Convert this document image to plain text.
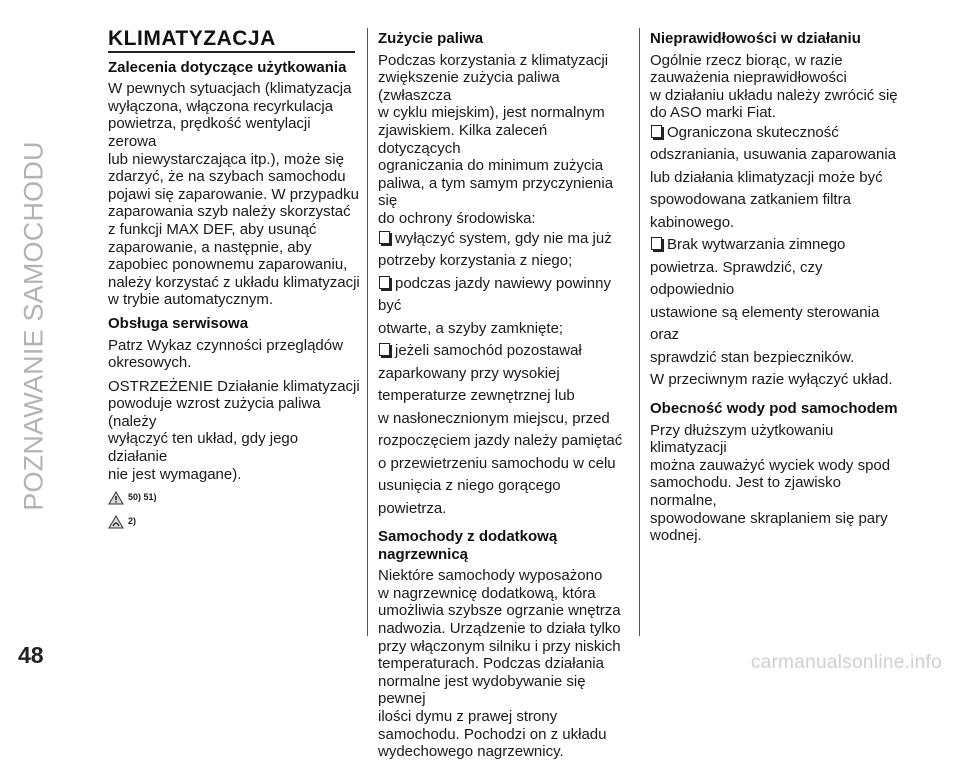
POZNAWANIE SAMOCHODU
KLIMATYZACJA
Zalecenia dotyczące użytkowania

W pewnych sytuacjach (klimatyzacja
wyłączona, włączona recyrkulacja
powietrza, prędkość wentylacji zerowa
lub niewystarczająca itp.), może się
zdarzyć, że na szybach samochodu
pojawi się zaparowanie. W przypadku
zaparowania szyb należy skorzystać
z funkcji MAX DEF, aby usunąć
zaparowanie, a następnie, aby
zapobiec ponownemu zaparowaniu,
należy korzystać z układu klimatyzacji
w trybie automatycznym.

Obsługa serwisowa

Patrz Wykaz czynności przeglądów
okresowych.

OSTRZEŻENIE Działanie klimatyzacji
powoduje wzrost zużycia paliwa (należy
wyłączyć ten układ, gdy jego działanie
nie jest wymagane).

50) 51)
2)
Zużycie paliwa

Podczas korzystania z klimatyzacji
zwiększenie zużycia paliwa (zwłaszcza
w cyklu miejskim), jest normalnym
zjawiskiem. Kilka zaleceń dotyczących
ograniczania do minimum zużycia
paliwa, a tym samym przyczynienia się
do ochrony środowiska:

wyłączyć system, gdy nie ma już
potrzeby korzystania z niego;
podczas jazdy nawiewy powinny być
otwarte, a szyby zamknięte;
jeżeli samochód pozostawał
zaparkowany przy wysokiej
temperaturze zewnętrznej lub
w nasłonecznionym miejscu, przed
rozpoczęciem jazdy należy pamiętać
o przewietrzeniu samochodu w celu
usunięcia z niego gorącego powietrza.
Samochody z dodatkową
nagrzewnicą

Niektóre samochody wyposażono
w nagrzewnicę dodatkową, która
umożliwia szybsze ogrzanie wnętrza
nadwozia. Urządzenie to działa tylko
przy włączonym silniku i przy niskich
temperaturach. Podczas działania
normalne jest wydobywanie się pewnej
ilości dymu z prawej strony
samochodu. Pochodzi on z układu
wydechowego nagrzewnicy.

Nieprawidłowości w działaniu

Ogólnie rzecz biorąc, w razie
zauważenia nieprawidłowości
w działaniu układu należy zwrócić się
do ASO marki Fiat.

Ograniczona skuteczność
odszraniania, usuwania zaparowania
lub działania klimatyzacji może być
spowodowana zatkaniem filtra
kabinowego.
Brak wytwarzania zimnego
powietrza. Sprawdzić, czy odpowiednio
ustawione są elementy sterowania oraz
sprawdzić stan bezpieczników.
W przeciwnym razie wyłączyć układ.
Obecność wody pod samochodem

Przy dłuższym użytkowaniu klimatyzacji
można zauważyć wyciek wody spod
samochodu. Jest to zjawisko normalne,
spowodowane skraplaniem się pary
wodnej.

48	carmanualsonline.info
